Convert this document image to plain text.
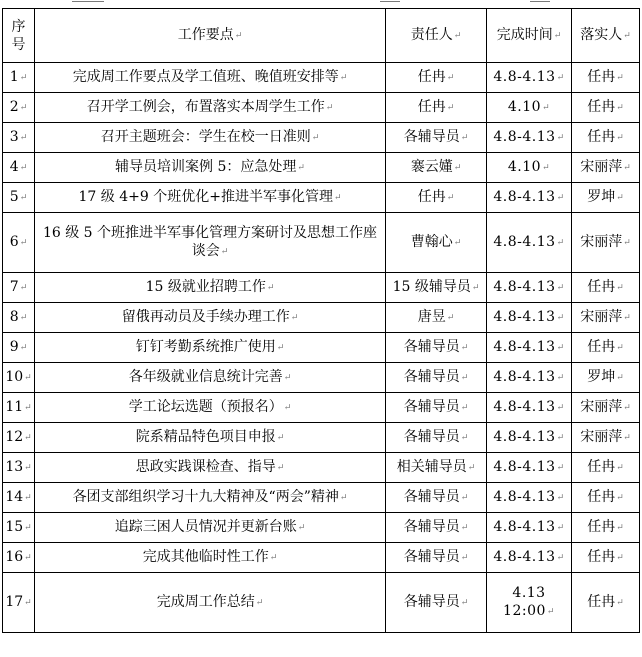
序号	工作要点↵	责任人↵	完成时间↵	落实人↵
1↵	完成周工作要点及学工值班、晚值班安排等↵	任冉↵	4.8-4.13↵	任冉↵
2↵	召开学工例会，布置落实本周学生工作↵	任冉↵	4.10↵	任冉↵
3↵	召开主题班会：学生在校一日准则↵	各辅导员↵	4.8-4.13↵	任冉↵
4↵	辅导员培训案例 5：应急处理↵	褰云嬞↵	4.10↵	宋丽萍↵
5↵	17 级 4+9 个班优化+推进半军事化管理↵	任冉↵	4.8-4.13↵	罗坤↵
6↵	16 级 5 个班推进半军事化管理方案研讨及思想工作座谈会↵	曹翰心↵	4.8-4.13↵	宋丽萍↵
7↵	15 级就业招聘工作↵	15 级辅导员↵	4.8-4.13↵	任冉↵
8↵	留俄再动员及手续办理工作↵	唐昱↵	4.8-4.13↵	宋丽萍↵
9↵	钉钉考勤系统推广使用↵	各辅导员↵	4.8-4.13↵	任冉↵
10↵	各年级就业信息统计完善↵	各辅导员↵	4.8-4.13↵	罗坤↵
11↵	学工论坛选题（预报名）↵	各辅导员↵	4.8-4.13↵	宋丽萍↵
12↵	院系精品特色项目申报↵	各辅导员↵	4.8-4.13↵	宋丽萍↵
13↵	思政实践课检查、指导↵	相关辅导员↵	4.8-4.13↵	任冉↵
14↵	各团支部组织学习十九大精神及“两会”精神↵	各辅导员↵	4.8-4.13↵	任冉↵
15↵	追踪三困人员情况并更新台账↵	各辅导员↵	4.8-4.13↵	任冉↵
16↵	完成其他临时性工作↵	各辅导员↵	4.8-4.13↵	任冉↵
17↵	完成周工作总结↵	各辅导员↵	4.13
12:00↵	任冉↵
